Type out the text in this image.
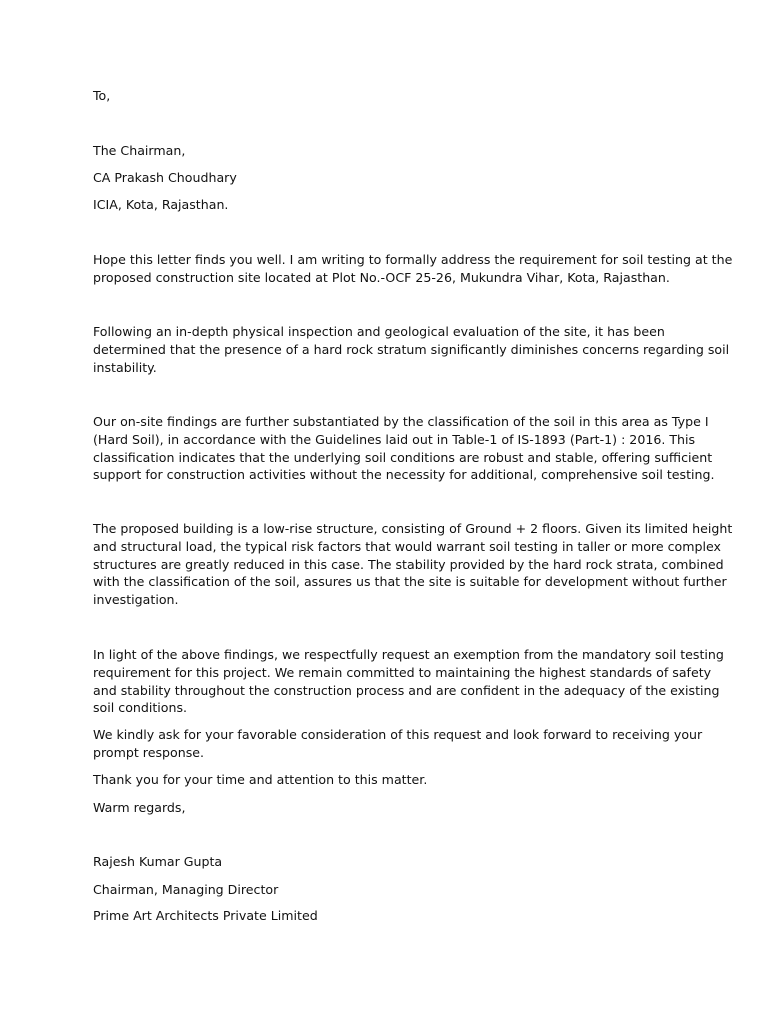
To,

The Chairman,

CA Prakash Choudhary

ICIA, Kota, Rajasthan.

Hope this letter finds you well. I am writing to formally address the requirement for soil testing at the
proposed construction site located at Plot No.-OCF 25-26, Mukundra Vihar, Kota, Rajasthan.
Following an in-depth physical inspection and geological evaluation of the site, it has been
determined that the presence of a hard rock stratum significantly diminishes concerns regarding soil
instability.
Our on-site findings are further substantiated by the classification of the soil in this area as Type I
(Hard Soil), in accordance with the Guidelines laid out in Table-1 of IS-1893 (Part-1) : 2016. This
classification indicates that the underlying soil conditions are robust and stable, offering sufficient
support for construction activities without the necessity for additional, comprehensive soil testing.
The proposed building is a low-rise structure, consisting of Ground + 2 floors. Given its limited height
and structural load, the typical risk factors that would warrant soil testing in taller or more complex
structures are greatly reduced in this case. The stability provided by the hard rock strata, combined
with the classification of the soil, assures us that the site is suitable for development without further
investigation.
In light of the above findings, we respectfully request an exemption from the mandatory soil testing
requirement for this project. We remain committed to maintaining the highest standards of safety
and stability throughout the construction process and are confident in the adequacy of the existing
soil conditions.
We kindly ask for your favorable consideration of this request and look forward to receiving your
prompt response.

Thank you for your time and attention to this matter.

Warm regards,

Rajesh Kumar Gupta

Chairman, Managing Director

Prime Art Architects Private Limited
